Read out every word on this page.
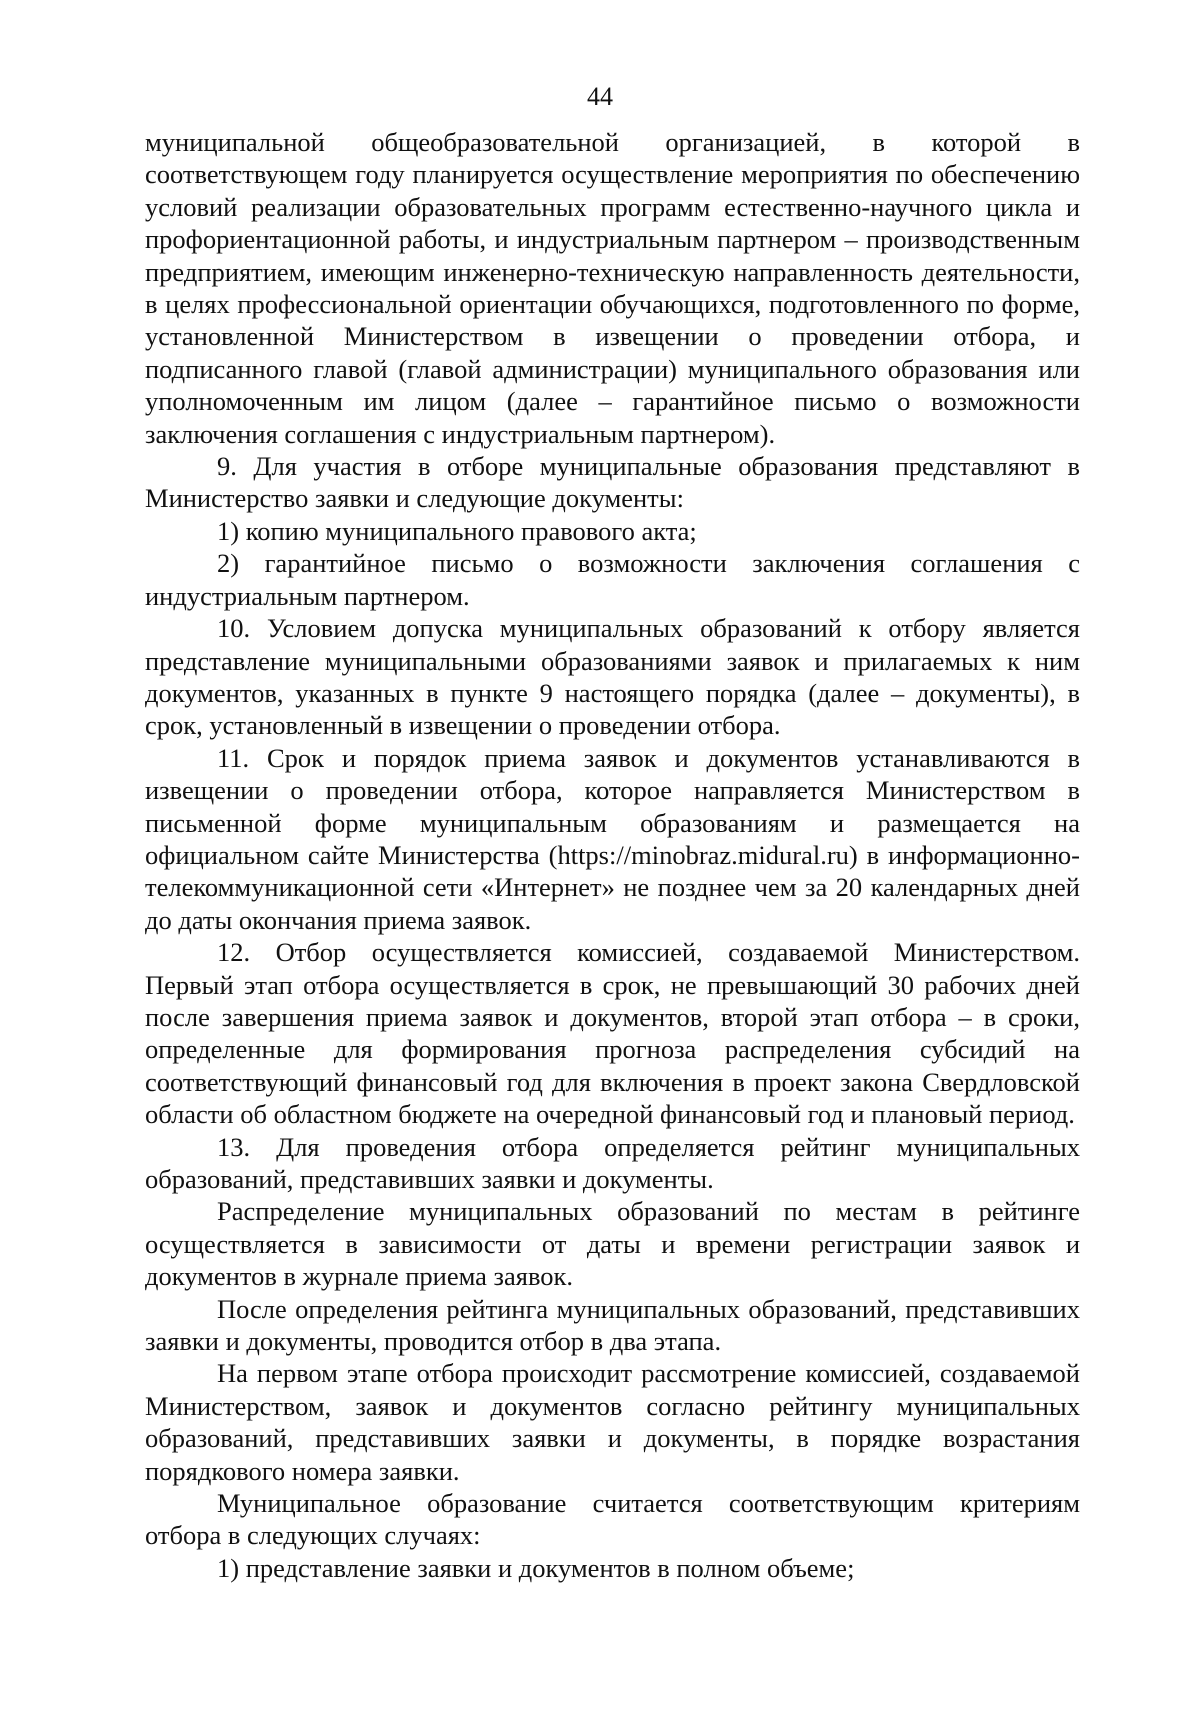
44

муниципальной общеобразовательной организацией, в которой в соответствующем году планируется осуществление мероприятия по обеспечению условий реализации образовательных программ естественно-научного цикла и профориентационной работы, и индустриальным партнером – производственным предприятием, имеющим инженерно-техническую направленность деятельности, в целях профессиональной ориентации обучающихся, подготовленного по форме, установленной Министерством в извещении о проведении отбора, и подписанного главой (главой администрации) муниципального образования или уполномоченным им лицом (далее – гарантийное письмо о возможности заключения соглашения с индустриальным партнером).

9. Для участия в отборе муниципальные образования представляют в Министерство заявки и следующие документы:

1) копию муниципального правового акта;

2) гарантийное письмо о возможности заключения соглашения с индустриальным партнером.

10. Условием допуска муниципальных образований к отбору является представление муниципальными образованиями заявок и прилагаемых к ним документов, указанных в пункте 9 настоящего порядка (далее – документы), в срок, установленный в извещении о проведении отбора.

11. Срок и порядок приема заявок и документов устанавливаются в извещении о проведении отбора, которое направляется Министерством в письменной форме муниципальным образованиям и размещается на официальном сайте Министерства (https://minobraz.midural.ru) в информационно-телекоммуникационной сети «Интернет» не позднее чем за 20 календарных дней до даты окончания приема заявок.

12. Отбор осуществляется комиссией, создаваемой Министерством. Первый этап отбора осуществляется в срок, не превышающий 30 рабочих дней после завершения приема заявок и документов, второй этап отбора – в сроки, определенные для формирования прогноза распределения субсидий на соответствующий финансовый год для включения в проект закона Свердловской области об областном бюджете на очередной финансовый год и плановый период.

13. Для проведения отбора определяется рейтинг муниципальных образований, представивших заявки и документы.

Распределение муниципальных образований по местам в рейтинге осуществляется в зависимости от даты и времени регистрации заявок и документов в журнале приема заявок.

После определения рейтинга муниципальных образований, представивших заявки и документы, проводится отбор в два этапа.

На первом этапе отбора происходит рассмотрение комиссией, создаваемой Министерством, заявок и документов согласно рейтингу муниципальных образований, представивших заявки и документы, в порядке возрастания порядкового номера заявки.

Муниципальное образование считается соответствующим критериям отбора в следующих случаях:

1) представление заявки и документов в полном объеме;
